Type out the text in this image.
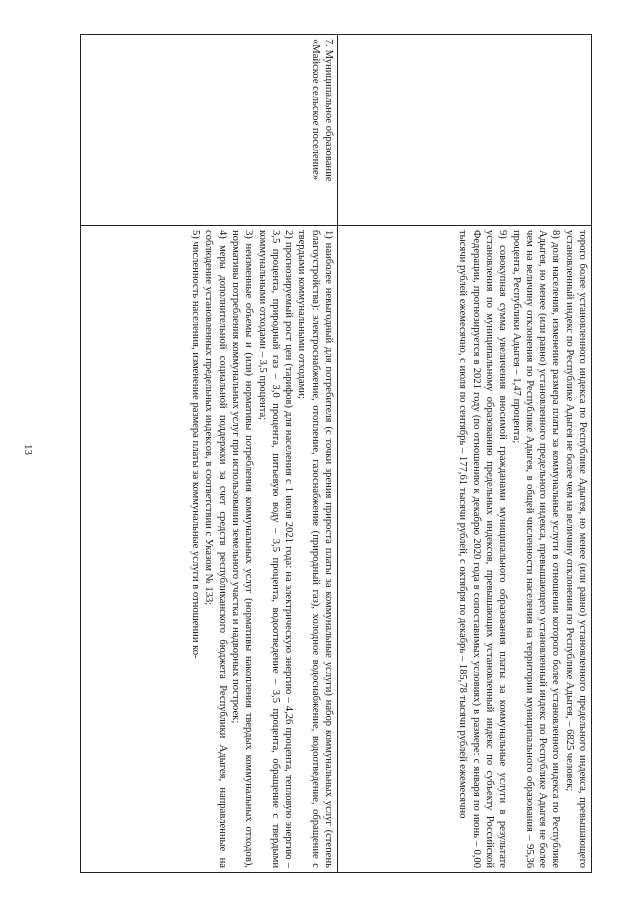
13

	торого более установленного индекса по Республике Адыгея, но менее (или равно) установленного предельного индекса, превышающего установленный индекс по Республике Адыгея не более чем на величину отклонения по Республике Адыгея, – 6825 человек;

8) доля населения, изменение размера платы за коммунальные услуги в отношении которого более установленного индекса по Республике Адыгея, но менее (или равно) установленного предельного индекса, превышающего установленный индекс по Республике Адыгея не более чем на величину отклонения по Республике Адыгея, в общей численности населения на территории муниципального образования – 95,36 процента, Республики Адыгея – 1,47 процента;

9) совокупная сумма увеличения вносимой гражданами муниципального образования платы за коммунальные услуги в результате установления по муниципальному образованию предельных индексов, превышающих установленный индекс по субъекту Российской Федерации, прогнозируется в 2021 году (по отношению к декабрю 2020 года в сопоставимых условиях) в размере: с января по июнь – 0,00 тысячи рублей ежемесячно, с июля по сентябрь – 177,61 тысячи рублей, с октября по декабрь – 185,78 тысячи рублей ежемесячно

7. Муниципальное образование «Майское сельское поселение»	1) наиболее невыгодный для потребителя (с точки зрения прироста платы за коммунальные услуги) набор коммунальных услуг (степень благоустройства): электроснабжение, отопление, газоснабжение (природный газ), холодное водоснабжение, водоотведение, обращение с твердыми коммунальными отходами;

2) прогнозируемый рост цен (тарифов) для населения с 1 июля 2021 года: на электрическую энергию – 4,26 процента, тепловую энергию – 3,5 процента, природный газ – 3,0 процента, питьевую воду – 3,5 процента, водоотведение – 3,5 процента, обращение с твердыми коммунальными отходами – 3,5 процента;

3) неизменные объемы и (или) нормативы потребления коммунальных услуг (нормативы накопления твердых коммунальных отходов), нормативы потребления коммунальных услуг при использовании земельного участка и надворных построек;

4) меры дополнительной социальной поддержки за счет средств республиканского бюджета Республики Адыгея, направленные на соблюдение установленных предельных индексов, в соответствии с Указом № 133;

5) численность населения, изменение размера платы за коммунальные услуги в отношении ко-
